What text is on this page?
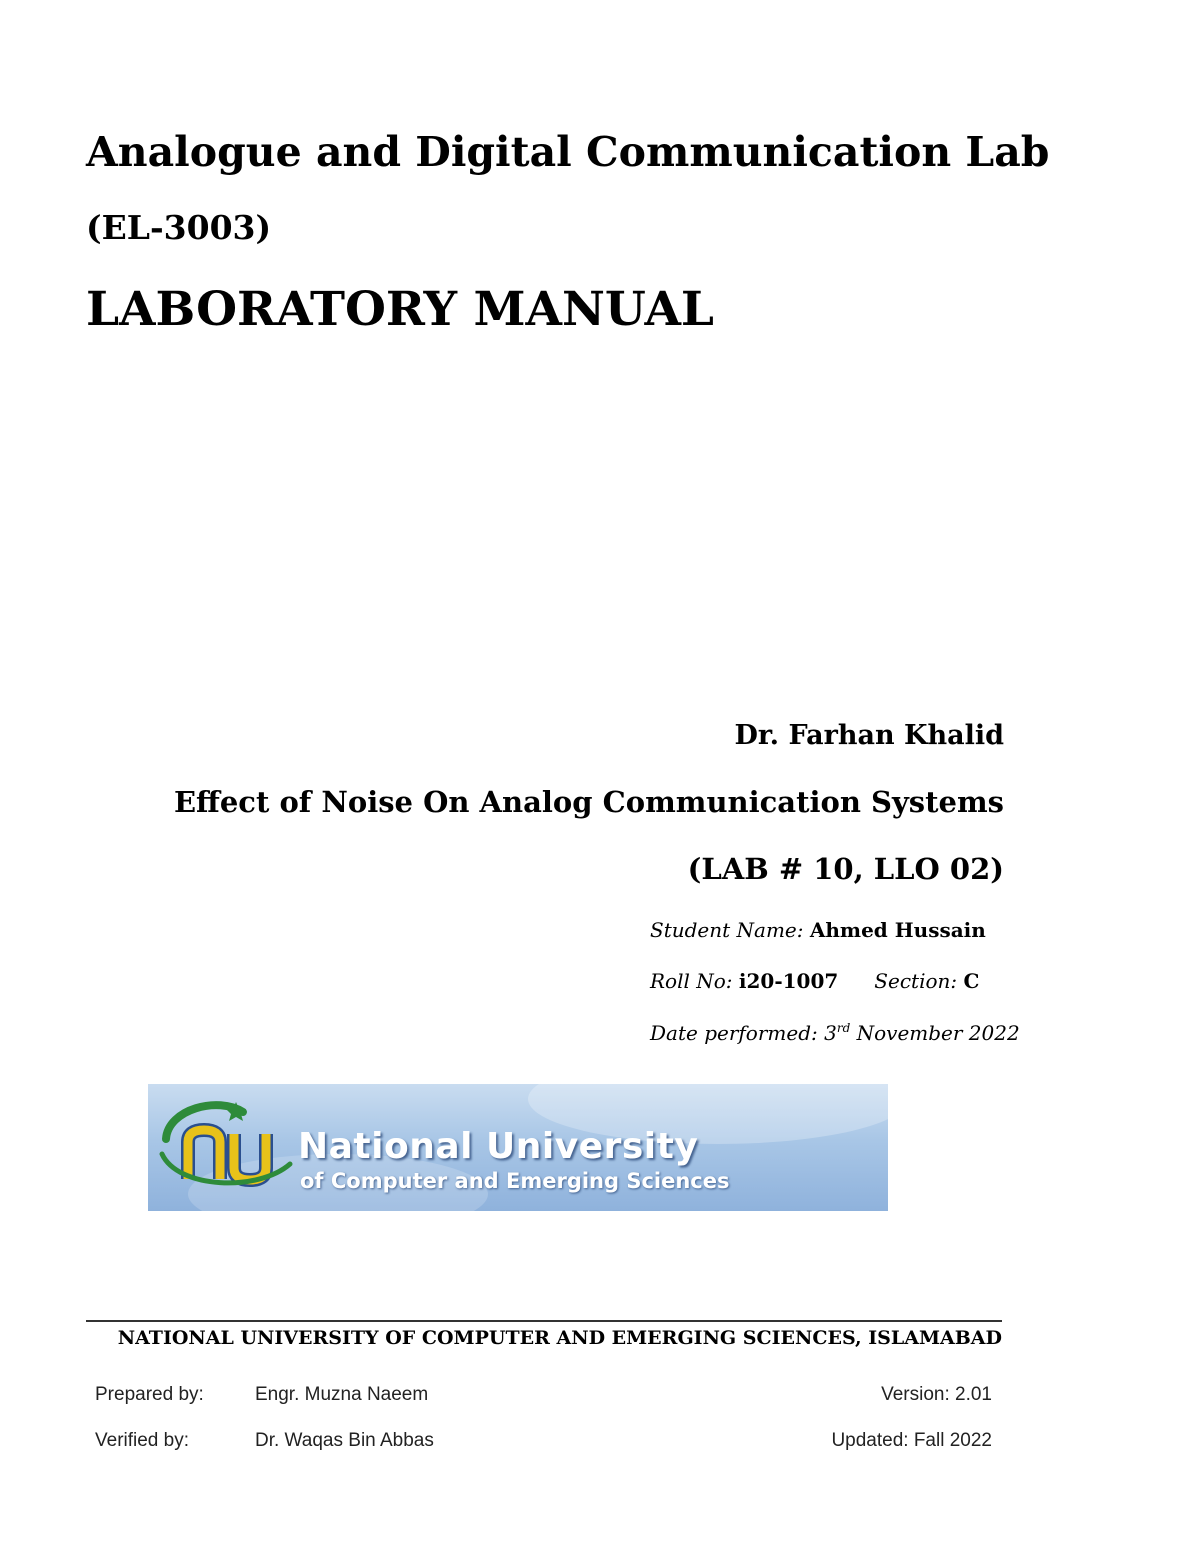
Analogue and Digital Communication Lab
(EL-3003)
LABORATORY MANUAL
Dr. Farhan Khalid
Effect of Noise On Analog Communication Systems
(LAB # 10, LLO 02)
Student Name: Ahmed Hussain
Roll No: i20-1007 Section: C
Date performed: 3rd November 2022
National University
of Computer and Emerging Sciences
NATIONAL UNIVERSITY OF COMPUTER AND EMERGING SCIENCES, ISLAMABAD
Prepared by:	Engr. Muzna Naeem	Version: 2.01
Verified by:	Dr. Waqas Bin Abbas	Updated: Fall 2022
